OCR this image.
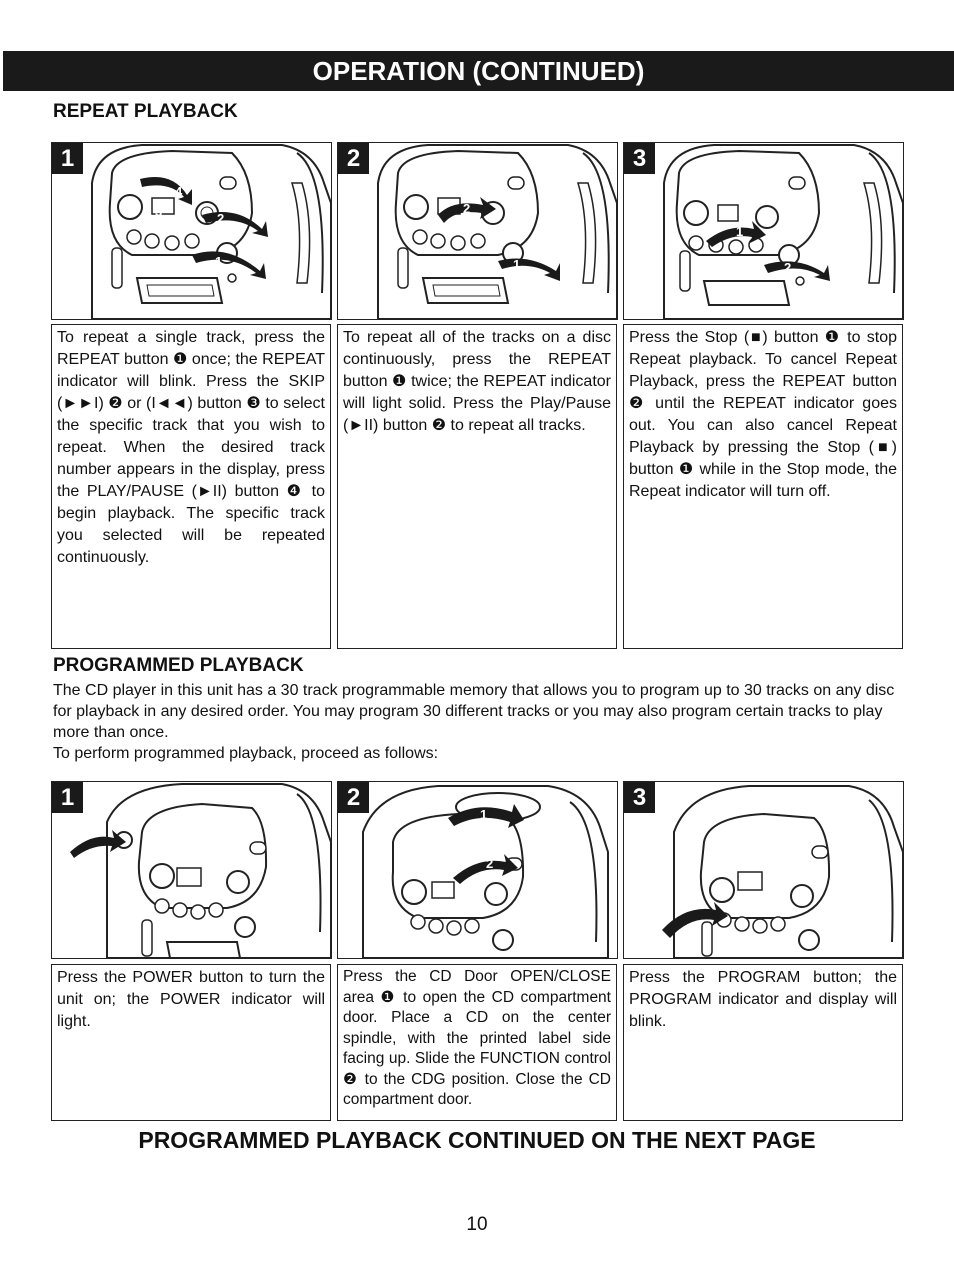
OPERATION (CONTINUED)
REPEAT PLAYBACK
1
4
3	2
1
2
2
1
3
1
2
To repeat a single track, press the REPEAT button ❶ once; the REPEAT indicator will blink. Press the SKIP (►►I) ❷ or (I◄◄) button ❸ to select the specific track that you wish to repeat. When the desired track number appears in the display, press the PLAY/PAUSE (►II) button ❹ to begin playback. The specific track you selected will be repeated continuously.
To repeat all of the tracks on a disc continuously, press the REPEAT button ❶ twice; the REPEAT indicator will light solid. Press the Play/Pause (►II) button ❷ to repeat all tracks.
Press the Stop (■) button ❶ to stop Repeat playback. To cancel Repeat Playback, press the REPEAT button ❷ until the REPEAT indicator goes out. You can also cancel Repeat Playback by pressing the Stop (■) button ❶ while in the Stop mode, the Repeat indicator will turn off.
PROGRAMMED PLAYBACK
The CD player in this unit has a 30 track programmable memory that allows you to program up to 30 tracks on any disc for playback in any desired order. You may program 30 different tracks or you may also program certain tracks to play more than once.
To perform programmed playback, proceed as follows:
1	2
1
2
3
Press the POWER button to turn the unit on; the POWER indicator will light.
Press the CD Door OPEN/CLOSE area ❶ to open the CD compartment door. Place a CD on the center spindle, with the printed label side facing up. Slide the FUNCTION control ❷ to the CDG position. Close the CD compartment door.
Press the PROGRAM button; the PROGRAM indicator and display will blink.
PROGRAMMED PLAYBACK CONTINUED ON THE NEXT PAGE
10
